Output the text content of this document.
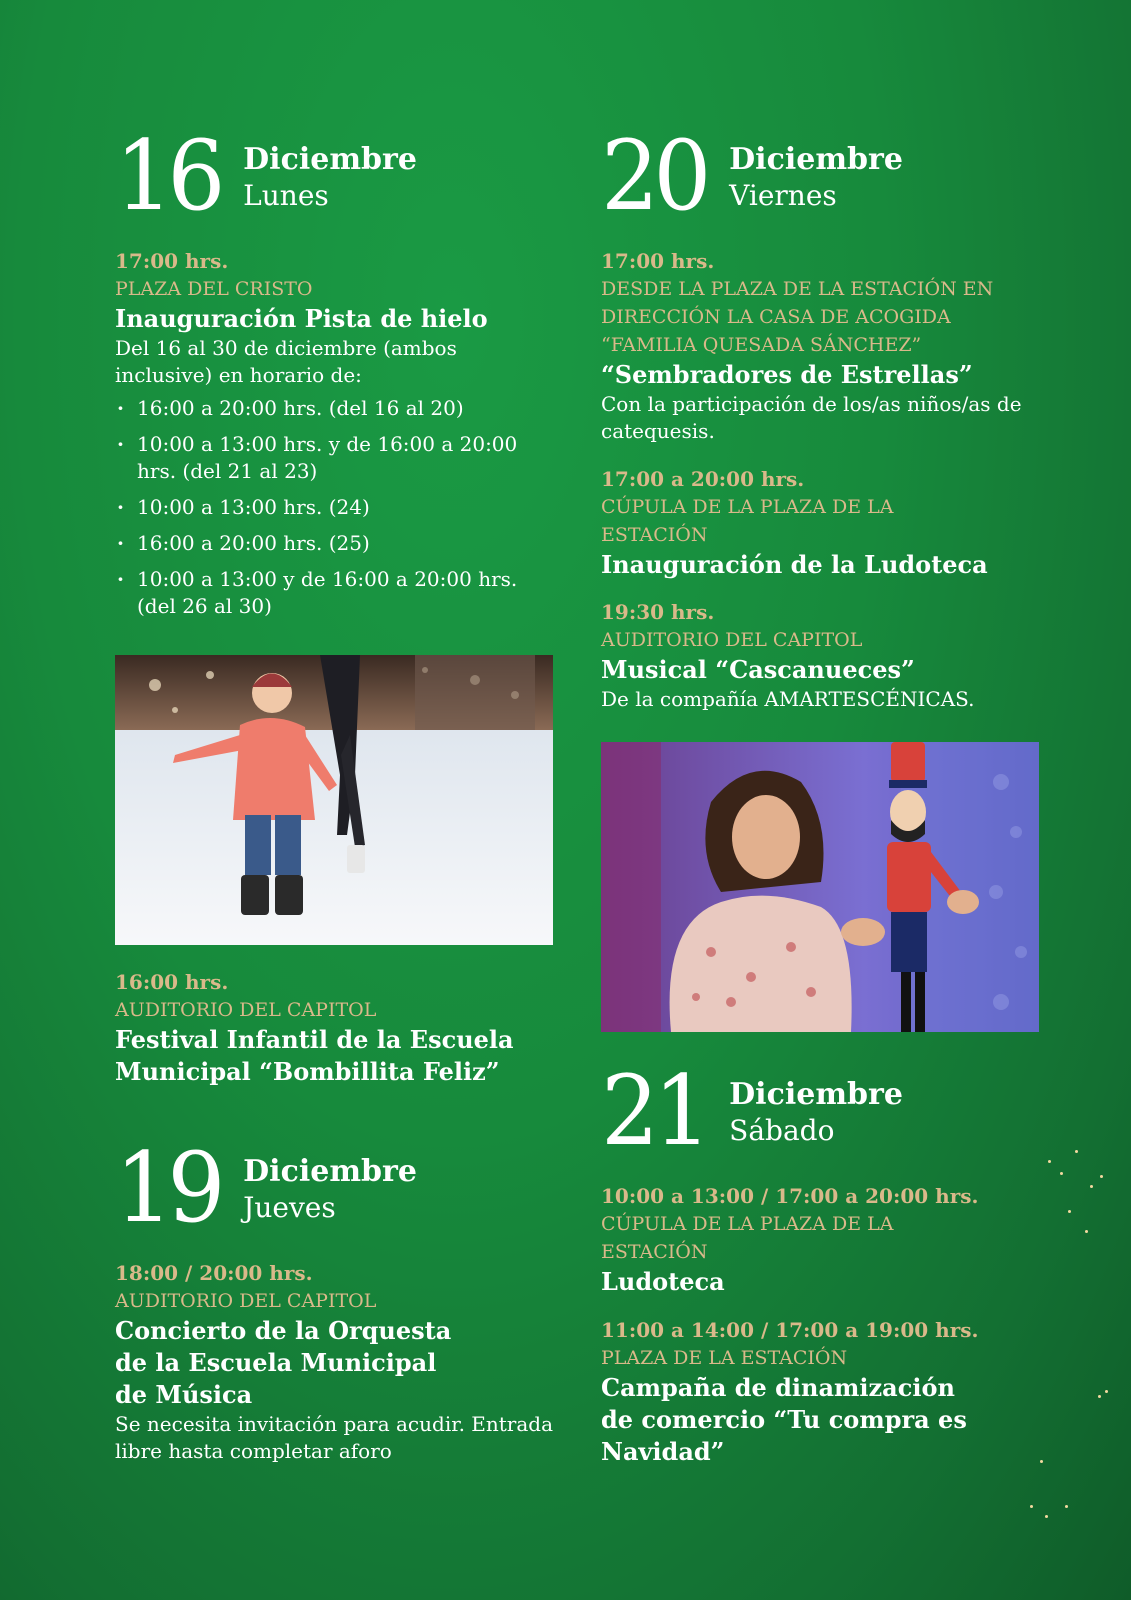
16 Diciembre
Lunes
17:00 hrs.
PLAZA DEL CRISTO
Inauguración Pista de hielo
Del 16 al 30 de diciembre (ambos inclusive) en horario de:
· 16:00 a 20:00 hrs. (del 16 al 20)
· 10:00 a 13:00 hrs. y de 16:00 a 20:00 hrs. (del 21 al 23)
· 10:00 a 13:00 hrs. (24)
· 16:00 a 20:00 hrs. (25)
· 10:00 a 13:00 y de 16:00 a 20:00 hrs. (del 26 al 30)
16:00 hrs.
AUDITORIO DEL CAPITOL
Festival Infantil de la Escuela Municipal “Bombillita Feliz”
19 Diciembre
Jueves
18:00 / 20:00 hrs.
AUDITORIO DEL CAPITOL
Concierto de la Orquesta de la Escuela Municipal de Música
Se necesita invitación para acudir. Entrada libre hasta completar aforo
20 Diciembre
Viernes
17:00 hrs.
DESDE LA PLAZA DE LA ESTACIÓN EN DIRECCIÓN LA CASA DE ACOGIDA “FAMILIA QUESADA SÁNCHEZ”
“Sembradores de Estrellas”
Con la participación de los/as niños/as de catequesis.
17:00 a 20:00 hrs.
CÚPULA DE LA PLAZA DE LA ESTACIÓN
Inauguración de la Ludoteca
19:30 hrs.
AUDITORIO DEL CAPITOL
Musical “Cascanueces”
De la compañía AMARTESCÉNICAS.
21 Diciembre
Sábado
10:00 a 13:00 / 17:00 a 20:00 hrs.
CÚPULA DE LA PLAZA DE LA ESTACIÓN
Ludoteca
11:00 a 14:00 / 17:00 a 19:00 hrs.
PLAZA DE LA ESTACIÓN
Campaña de dinamización de comercio “Tu compra es Navidad”
